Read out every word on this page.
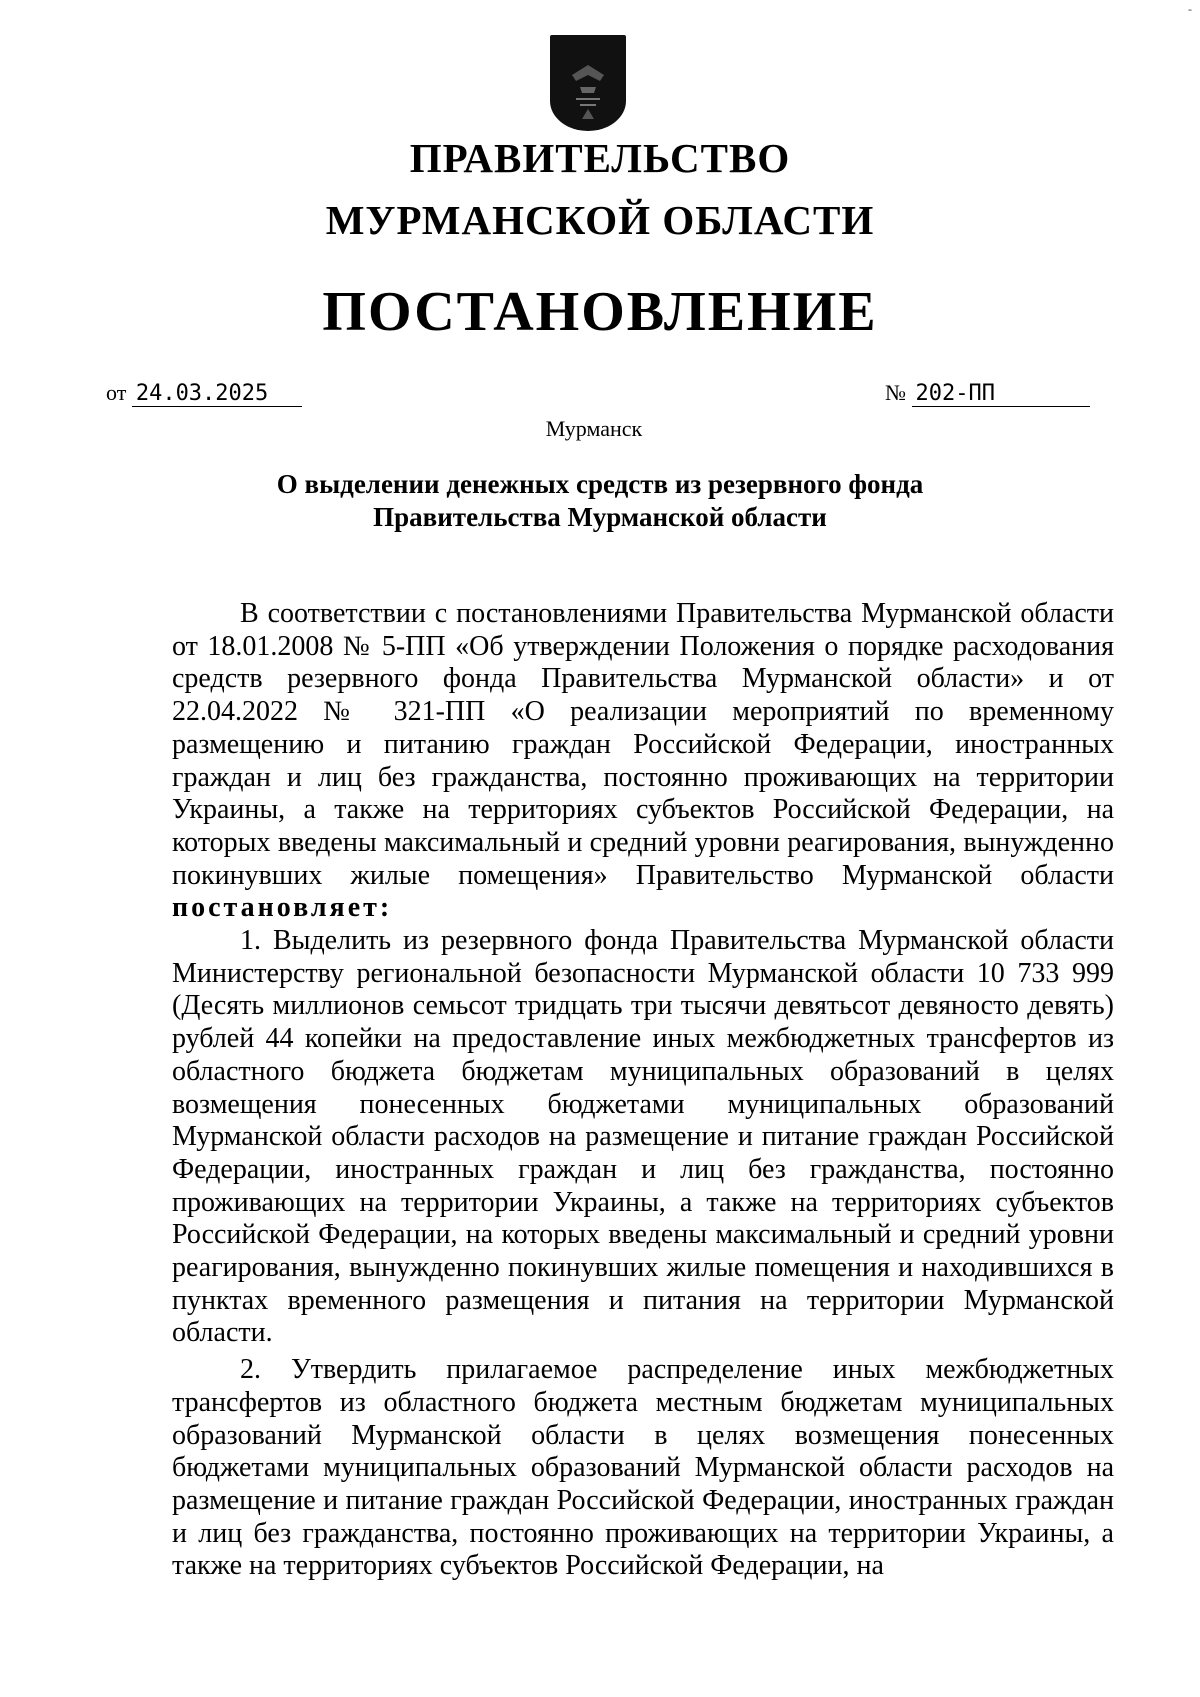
-
ПРАВИТЕЛЬСТВО
МУРМАНСКОЙ ОБЛАСТИ
ПОСТАНОВЛЕНИЕ
от 24.03.2025	№ 202-ПП
Мурманск
О выделении денежных средств из резервного фонда
Правительства Мурманской области

В соответствии с постановлениями Правительства Мурманской области от 18.01.2008 № 5-ПП «Об утверждении Положения о порядке расходования средств резервного фонда Правительства Мурманской области» и от 22.04.2022 № 321-ПП «О реализации мероприятий по временному размещению и питанию граждан Российской Федерации, иностранных граждан и лиц без гражданства, постоянно проживающих на территории Украины, а также на территориях субъектов Российской Федерации, на которых введены максимальный и средний уровни реагирования, вынужденно покинувших жилые помещения» Правительство Мурманской области постановляет:

1. Выделить из резервного фонда Правительства Мурманской области Министерству региональной безопасности Мурманской области 10 733 999 (Десять миллионов семьсот тридцать три тысячи девятьсот девяносто девять) рублей 44 копейки на предоставление иных межбюджетных трансфертов из областного бюджета бюджетам муниципальных образований в целях возмещения понесенных бюджетами муниципальных образований Мурманской области расходов на размещение и питание граждан Российской Федерации, иностранных граждан и лиц без гражданства, постоянно проживающих на территории Украины, а также на территориях субъектов Российской Федерации, на которых введены максимальный и средний уровни реагирования, вынужденно покинувших жилые помещения и находившихся в пунктах временного размещения и питания на территории Мурманской области.

2. Утвердить прилагаемое распределение иных межбюджетных трансфертов из областного бюджета местным бюджетам муниципальных образований Мурманской области в целях возмещения понесенных бюджетами муниципальных образований Мурманской области расходов на размещение и питание граждан Российской Федерации, иностранных граждан и лиц без гражданства, постоянно проживающих на территории Украины, а также на территориях субъектов Российской Федерации, на
